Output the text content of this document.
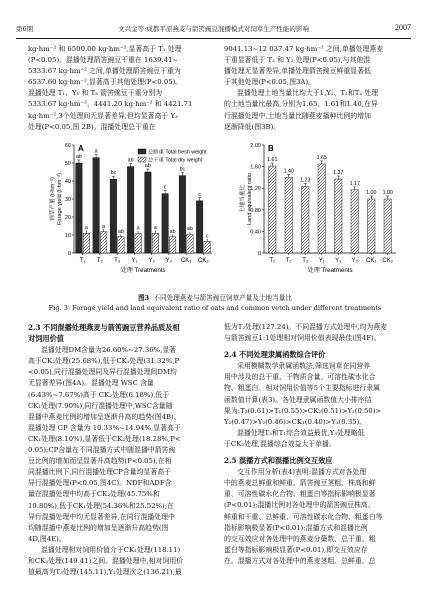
第6期	文兴金等:成都平原燕麦与箭筈豌豆混播模式对饲草生产性能的影响	2007

kg·hm⁻² 和 6500.00 kg·hm⁻²,显著高于 T₁ 处理

(P<0.05)。混播处理箭筈豌豆干重在 1639.41~

5333.67 kg·hm⁻² 之间,单播处理箭筈豌豆干重为

6537.60 kg·hm⁻²,显著高于其他处理(P<0.05)。

混播处理 T₁、Y₁ 和 T₃ 箭筈豌豆干重分别为

5333.67 kg·hm⁻²、4441.20 kg·hm⁻² 和 4421.71

kg·hm⁻²,3个处理间无显著差异,但均显著高于 Y₃

处理(P<0.05,图 2B)。混播处理总干重在

9041.13~12 037.47 kg·hm⁻² 之间,单播处理燕麦

干重显著低于 T₂ 和 Y₂ 处理(P<0.05),与其他混

播处理无显著差异,单播处理箭筈豌豆鲜重显著低

于其他处理(P<0.05,图3A)。

混播处理土地当量比均大于1,Y₁、T₁和T₂ 处理

的土地当量比最高,分别为1.65、1.61和1.40,在异

行混播处理中,土地当量比随燕麦播种比例的增加

逐渐降低(图3B)。

0
10
20
30
40
50
60
饲草产量 (t·hm⁻²) Forage yield (t·hm⁻²)
T₁ T₂ T₃ Y₁ Y₂ Y₃ CK₁ CK₂
处理 Treatments
A
ab
a
a
a
bc
ab
ab
a
ab
a
c
ab
bc
ab
c
c
总鲜重 Total fresh weight
总干重 Total dry weight
0
0.40
0.80
1.20
1.60
2.00
土地当量比 Land equivalent ratio
T₁ T₂ T₃ Y₁ Y₂ Y₃ CK₁ CK₂
处理 Treatments
B
1.61
1.40
1.23
1.65
1.37
1.17
1.00 1.00
图3 不同处理燕麦与箭筈豌豆饲草产量及土地当量比
Fig. 3 Forage yield and land equivalent ratio of oats and common vetch under different treatments
2.3 不同混播处理燕麦与箭筈豌豆营养品质及相
对饲用价值

混播处理DM含量为26.60%~27.36%,显著

高于CK₂处理(25.68%),低于CK₁处理(31.32%,P

<0.05),同行混播处理同及异行混播处理间DM均

无显著差异(图4A)。混播处理 WSC 含量

(6.43%~7.67%)高于 CK₂处理(6.18%),低于

CK₁处理(7.90%),同行混播处理中,WSC含量随

混播中燕麦比例的增加呈逐渐升高的趋势(图4B)。

混播处理 CP 含量为 10.33%~14.94%,显著高于

CK₁处理(8.10%),显著低于CK₂处理(18.28%,P<

0.05);CP含量在不同混播方式中随混播中箭筈豌

豆比例的增加而呈显著升高趋势(P<0.05),在相

同混播比例下,同行混播处理CP含量均显著高于

异行混播处理(P<0.05,图4C)。NDF和ADF含

量在混播处理中均高于CK₂处理(45.75%和

19.80%),低于CK₁处理(54.36%和25.52%),在

异行混播处理中均无显著差异,在同行混播处理中

均随混播中燕麦比例的增加呈逐渐升高趋势(图

4D,图4E)。

混播处理相对饲用价值介于CK₁处理(118.11)

和CK₂处理(149.41)之间。混播处理中,相对饲用价

值最高为T₃处理(145.11),Y₁处理次之(136.21),最

低为T₂处理(127.24)。不同混播方式处理中,均为燕麦

与箭筈豌豆1:1处理相对饲用价值表现最佳(图4F)。

2.4 不同处理隶属函数综合评价

采用模糊数学隶属函数法,筛选饲草在同营养

用中涉及的总干重、干物质含量、可溶性碳水化合

物、粗蛋白、相对饲用价值等5个主要指标进行隶属

函数值计算(表3)。各处理隶属函数值大小排序结

果为:T₃(0.61)>T₁(0.55)>CK₂(0.51)>Y₁(0.50)>

Y₂(0.47)>Y₂(0.46)>CK₁(0.40)>Y₃(0.35)。

混播处理T₃和T₁综合效益最优,Y₃处理略低

于CK₂处理,混播综合效益大于单播。

2.5 混播方式和混播比例交互效应

交互作用分析(表4)表明:混播方式对各处理

中的燕麦总鲜重和鲜重、箭筈豌豆茎粗、株高和鲜

重、可溶性碳水化合物、粗蛋白等指标影响极显著

(P<0.01);混播比例对各处理中的箭筈豌豆株高、

鲜重和干重、总鲜重、可溶性碳水化合物、粗蛋白等

指标影响极显著(P<0.01);混播方式和混播比例

的交互效应对各处理中的燕麦分蘖数、总干重、粗

蛋白等指标影响极显著(P<0.01),即交互效应存

在。混播方式对各处理中的燕麦茎粗、总鲜重、总
